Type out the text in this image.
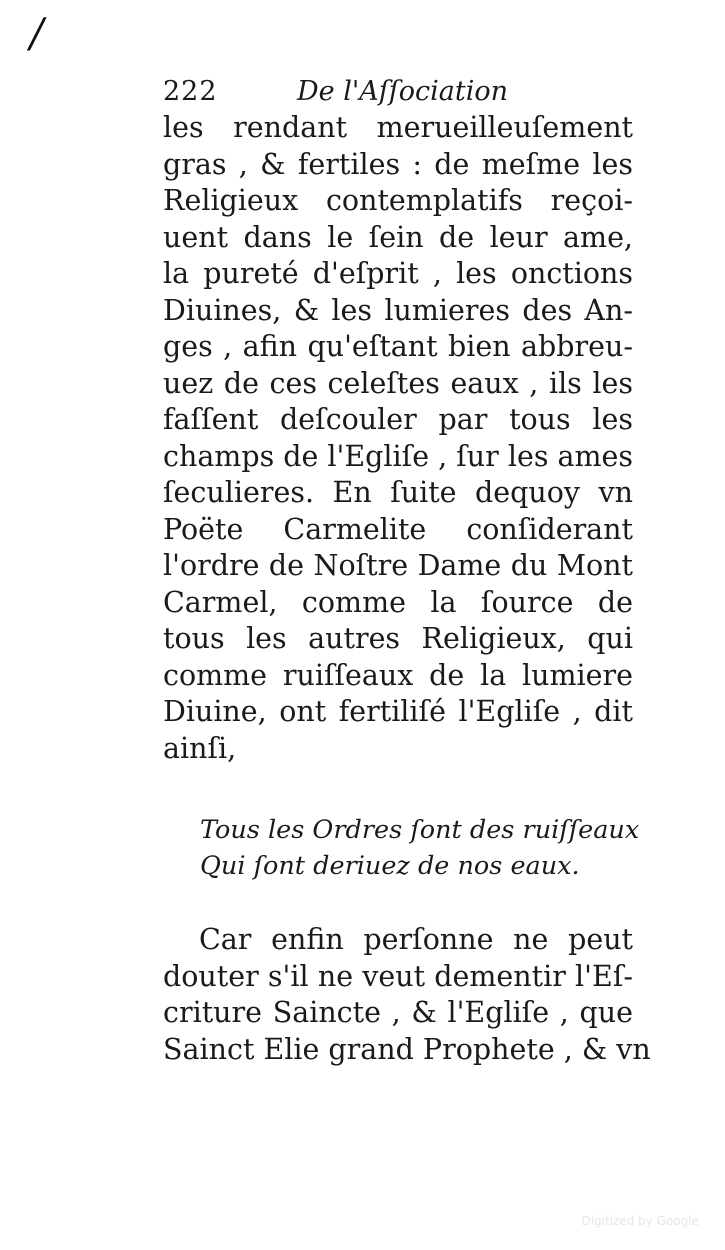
/
222	De l'Aſſociation
les rendant merueilleuſement
gras , & fertiles : de meſme les
Religieux contemplatifs reçoi-
uent dans le ſein de leur ame,
la pureté d'eſprit , les onctions
Diuines, & les lumieres des An-
ges , afin qu'eſtant bien abbreu-
uez de ces celeſtes eaux , ils les
faſſent deſcouler par tous les
champs de l'Egliſe , ſur les ames
ſeculieres. En ſuite dequoy vn
Poëte Carmelite conſiderant
l'ordre de Noſtre Dame du Mont
Carmel, comme la ſource de
tous les autres Religieux, qui
comme ruiſſeaux de la lumiere
Diuine, ont fertiliſé l'Egliſe , dit
ainſi,
Tous les Ordres ſont des ruiſſeaux
Qui ſont deriuez de nos eaux.
Car enfin perſonne ne peut
douter s'il ne veut dementir l'Eſ-
criture Saincte , & l'Egliſe , que
Sainct Elie grand Prophete , & vn
Digitized by Google
